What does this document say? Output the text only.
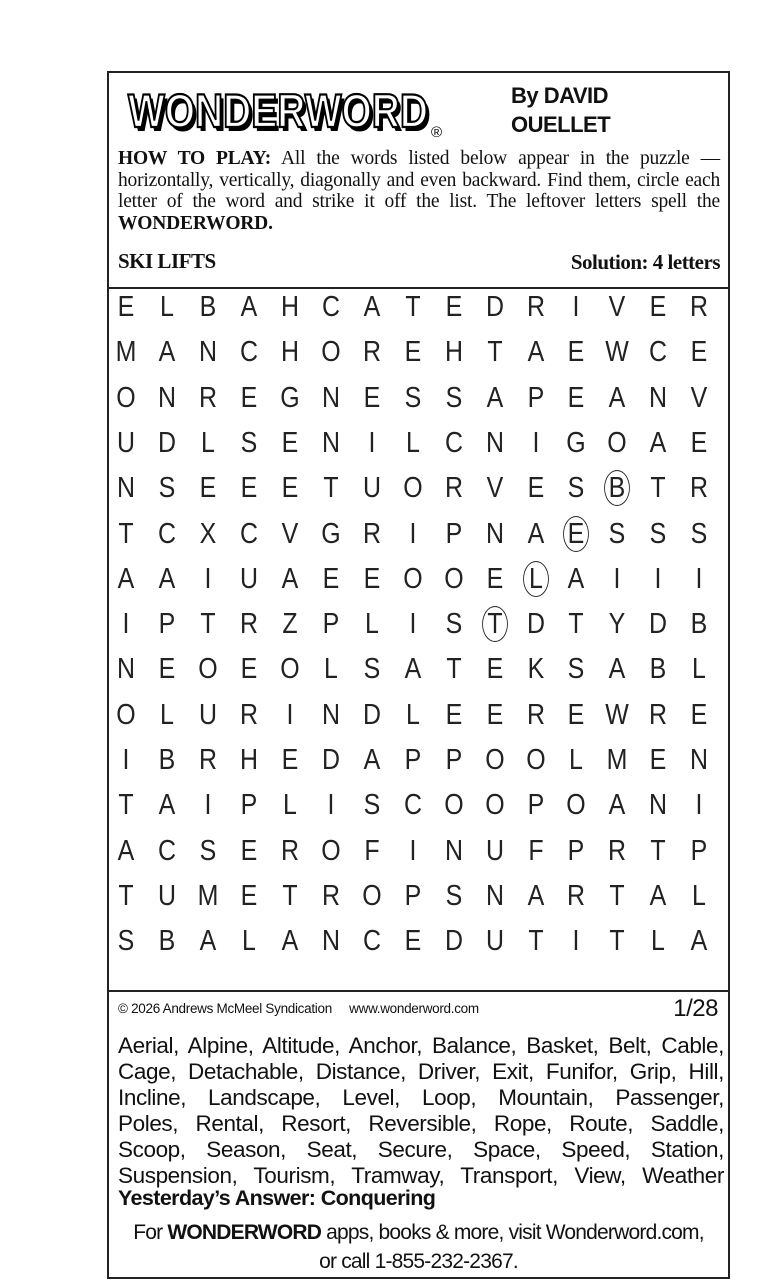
WONDERWORD
WONDERWORD ®
By DAVID
OUELLET
HOW TO PLAY: All the words listed below appear in the puzzle — horizontally, vertically, diagonally and even backward. Find them, circle each letter of the word and strike it off the list. The leftover letters spell the WONDERWORD.
SKI LIFTS	Solution: 4 letters
E L B A H C A T E D R I	V E R
M A N C H O R E H T A E W C E
O N R E G N E S S A P E A N V
U D L S E N I	L C N I G O A E
N S E E E T U O R V E S B T R
T C X C V G R I	P N A E S S S
A A	I U A E E O O E L A	I	I	I
I	P T R Z P L	I	S T D T Y D B
N E O E O L S A T E K S A B L
O L U R I N D L E E R E W R E
I	B R H E D A P P O O L M E N
T A	I	P L	I	S C O O P O A N I
A C S E R O F	I N U F P R T P
T U M E T R O P S N A R T A L
S B A L A N C E D U T	I	T L A
© 2026 Andrews McMeel Syndication     www.wonderword.com	1/28
Aerial, Alpine, Altitude, Anchor, Balance, Basket, Belt, Cable,
Cage, Detachable, Distance, Driver, Exit, Funifor, Grip, Hill,
Incline, Landscape, Level, Loop, Mountain, Passenger,
Poles, Rental, Resort, Reversible, Rope, Route, Saddle,
Scoop, Season, Seat, Secure, Space, Speed, Station,
Suspension, Tourism, Tramway, Transport, View, Weather
Yesterday’s Answer: Conquering
For WONDERWORD apps, books & more, visit Wonderword.com,
or call 1-855-232-2367.
